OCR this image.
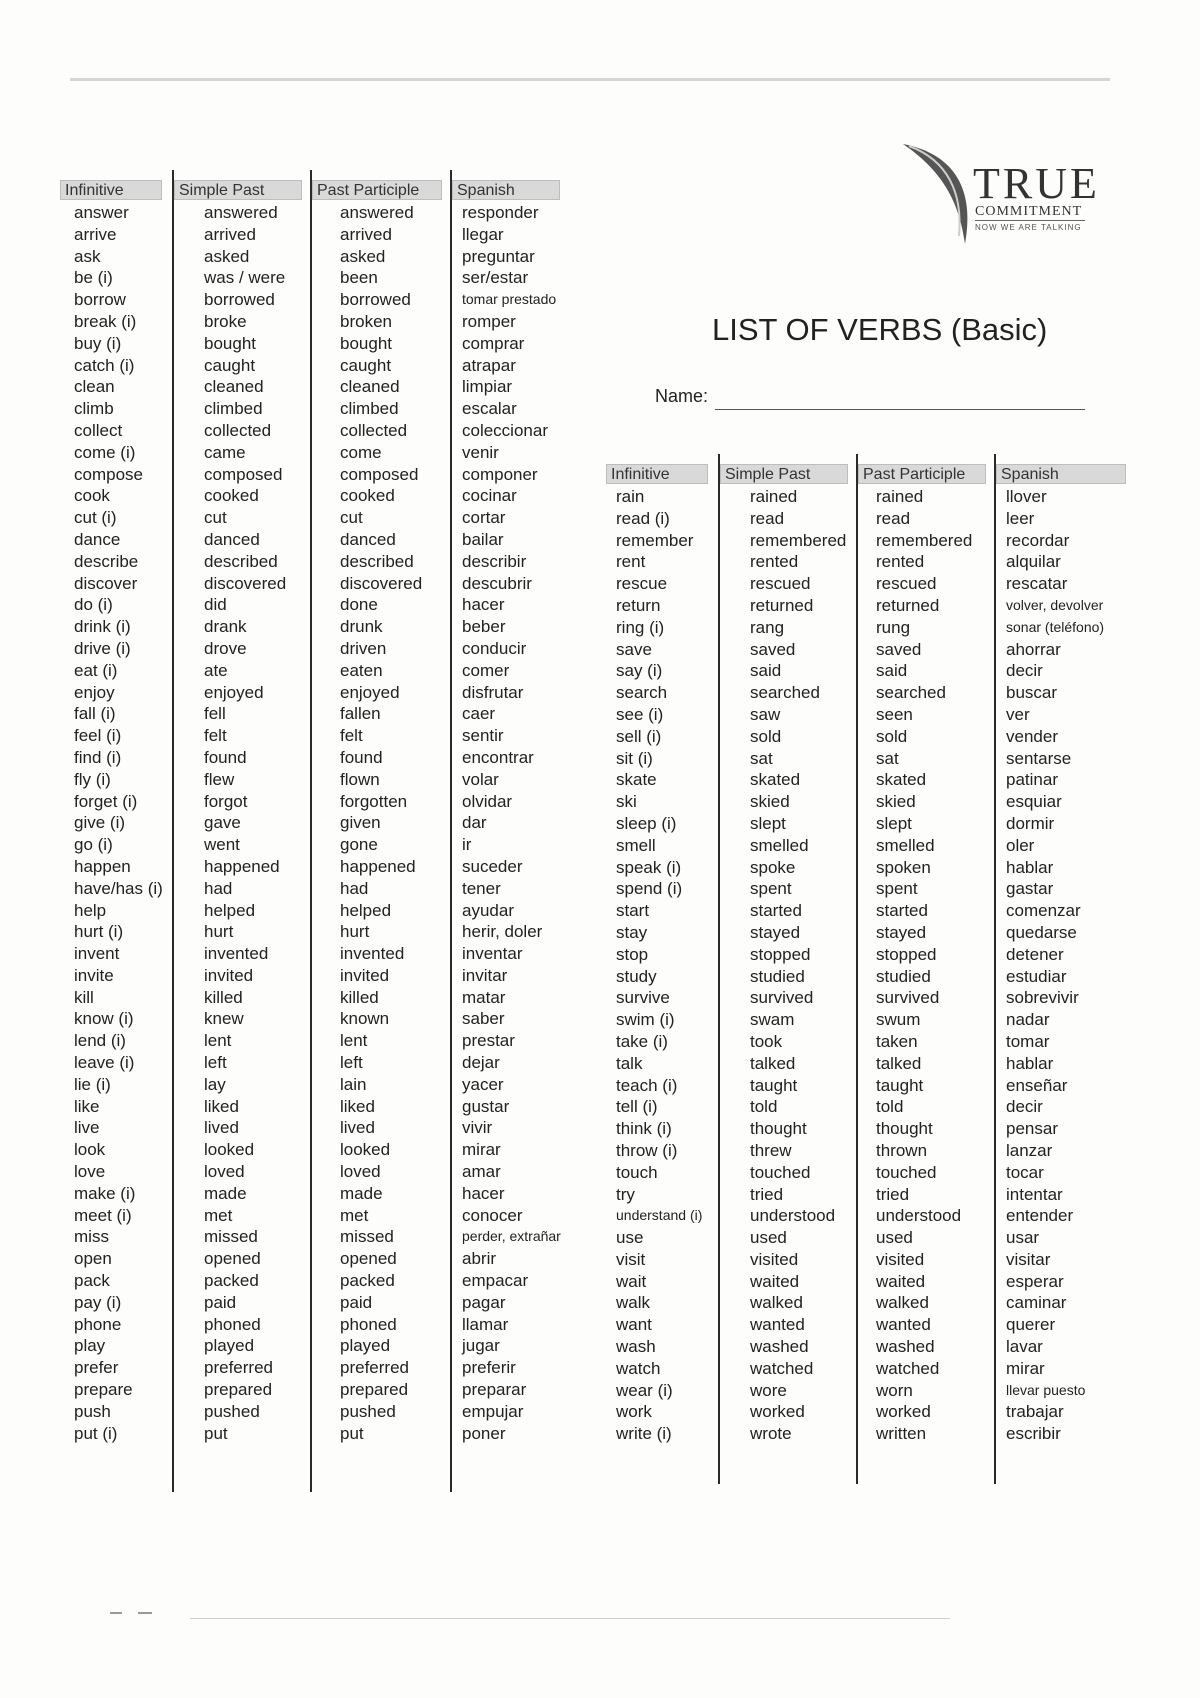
TRUE
COMMITMENT
NOW WE ARE TALKING
LIST OF VERBS (Basic)
Name:
Infinitive
answer
arrive
ask
be (i)
borrow
break (i)
buy (i)
catch (i)
clean
climb
collect
come (i)
compose
cook
cut (i)
dance
describe
discover
do (i)
drink (i)
drive (i)
eat (i)
enjoy
fall (i)
feel (i)
find (i)
fly (i)
forget (i)
give (i)
go (i)
happen
have/has (i)
help
hurt (i)
invent
invite
kill
know (i)
lend (i)
leave (i)
lie (i)
like
live
look
love
make (i)
meet (i)
miss
open
pack
pay (i)
phone
play
prefer
prepare
push
put (i)
Simple Past
answered
arrived
asked
was / were
borrowed
broke
bought
caught
cleaned
climbed
collected
came
composed
cooked
cut
danced
described
discovered
did
drank
drove
ate
enjoyed
fell
felt
found
flew
forgot
gave
went
happened
had
helped
hurt
invented
invited
killed
knew
lent
left
lay
liked
lived
looked
loved
made
met
missed
opened
packed
paid
phoned
played
preferred
prepared
pushed
put
Past Participle
answered
arrived
asked
been
borrowed
broken
bought
caught
cleaned
climbed
collected
come
composed
cooked
cut
danced
described
discovered
done
drunk
driven
eaten
enjoyed
fallen
felt
found
flown
forgotten
given
gone
happened
had
helped
hurt
invented
invited
killed
known
lent
left
lain
liked
lived
looked
loved
made
met
missed
opened
packed
paid
phoned
played
preferred
prepared
pushed
put
Spanish
responder
llegar
preguntar
ser/estar
tomar prestado
romper
comprar
atrapar
limpiar
escalar
coleccionar
venir
componer
cocinar
cortar
bailar
describir
descubrir
hacer
beber
conducir
comer
disfrutar
caer
sentir
encontrar
volar
olvidar
dar
ir
suceder
tener
ayudar
herir, doler
inventar
invitar
matar
saber
prestar
dejar
yacer
gustar
vivir
mirar
amar
hacer
conocer
perder, extrañar
abrir
empacar
pagar
llamar
jugar
preferir
preparar
empujar
poner
Infinitive
rain
read (i)
remember
rent
rescue
return
ring (i)
save
say (i)
search
see (i)
sell (i)
sit (i)
skate
ski
sleep (i)
smell
speak (i)
spend (i)
start
stay
stop
study
survive
swim (i)
take (i)
talk
teach (i)
tell (i)
think (i)
throw (i)
touch
try
understand (i)
use
visit
wait
walk
want
wash
watch
wear (i)
work
write (i)
Simple Past
rained
read
remembered
rented
rescued
returned
rang
saved
said
searched
saw
sold
sat
skated
skied
slept
smelled
spoke
spent
started
stayed
stopped
studied
survived
swam
took
talked
taught
told
thought
threw
touched
tried
understood
used
visited
waited
walked
wanted
washed
watched
wore
worked
wrote
Past Participle
rained
read
remembered
rented
rescued
returned
rung
saved
said
searched
seen
sold
sat
skated
skied
slept
smelled
spoken
spent
started
stayed
stopped
studied
survived
swum
taken
talked
taught
told
thought
thrown
touched
tried
understood
used
visited
waited
walked
wanted
washed
watched
worn
worked
written
Spanish
llover
leer
recordar
alquilar
rescatar
volver, devolver
sonar (teléfono)
ahorrar
decir
buscar
ver
vender
sentarse
patinar
esquiar
dormir
oler
hablar
gastar
comenzar
quedarse
detener
estudiar
sobrevivir
nadar
tomar
hablar
enseñar
decir
pensar
lanzar
tocar
intentar
entender
usar
visitar
esperar
caminar
querer
lavar
mirar
llevar puesto
trabajar
escribir
